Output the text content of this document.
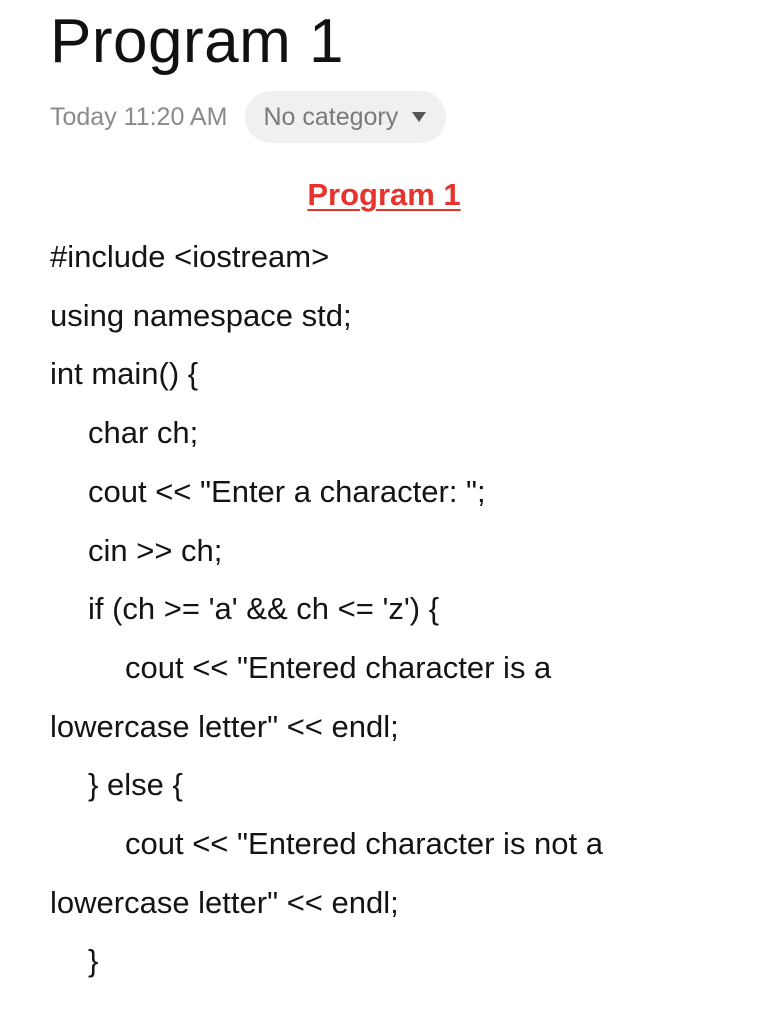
Program 1
Today 11:20 AM No category
Program 1
#include <iostream>
using namespace std;
int main() {
char ch;
cout << "Enter a character: ";
cin >> ch;
if (ch >= 'a' && ch <= 'z') {
cout << "Entered character is a
lowercase letter" << endl;
} else {
cout << "Entered character is not a
lowercase letter" << endl;
}
